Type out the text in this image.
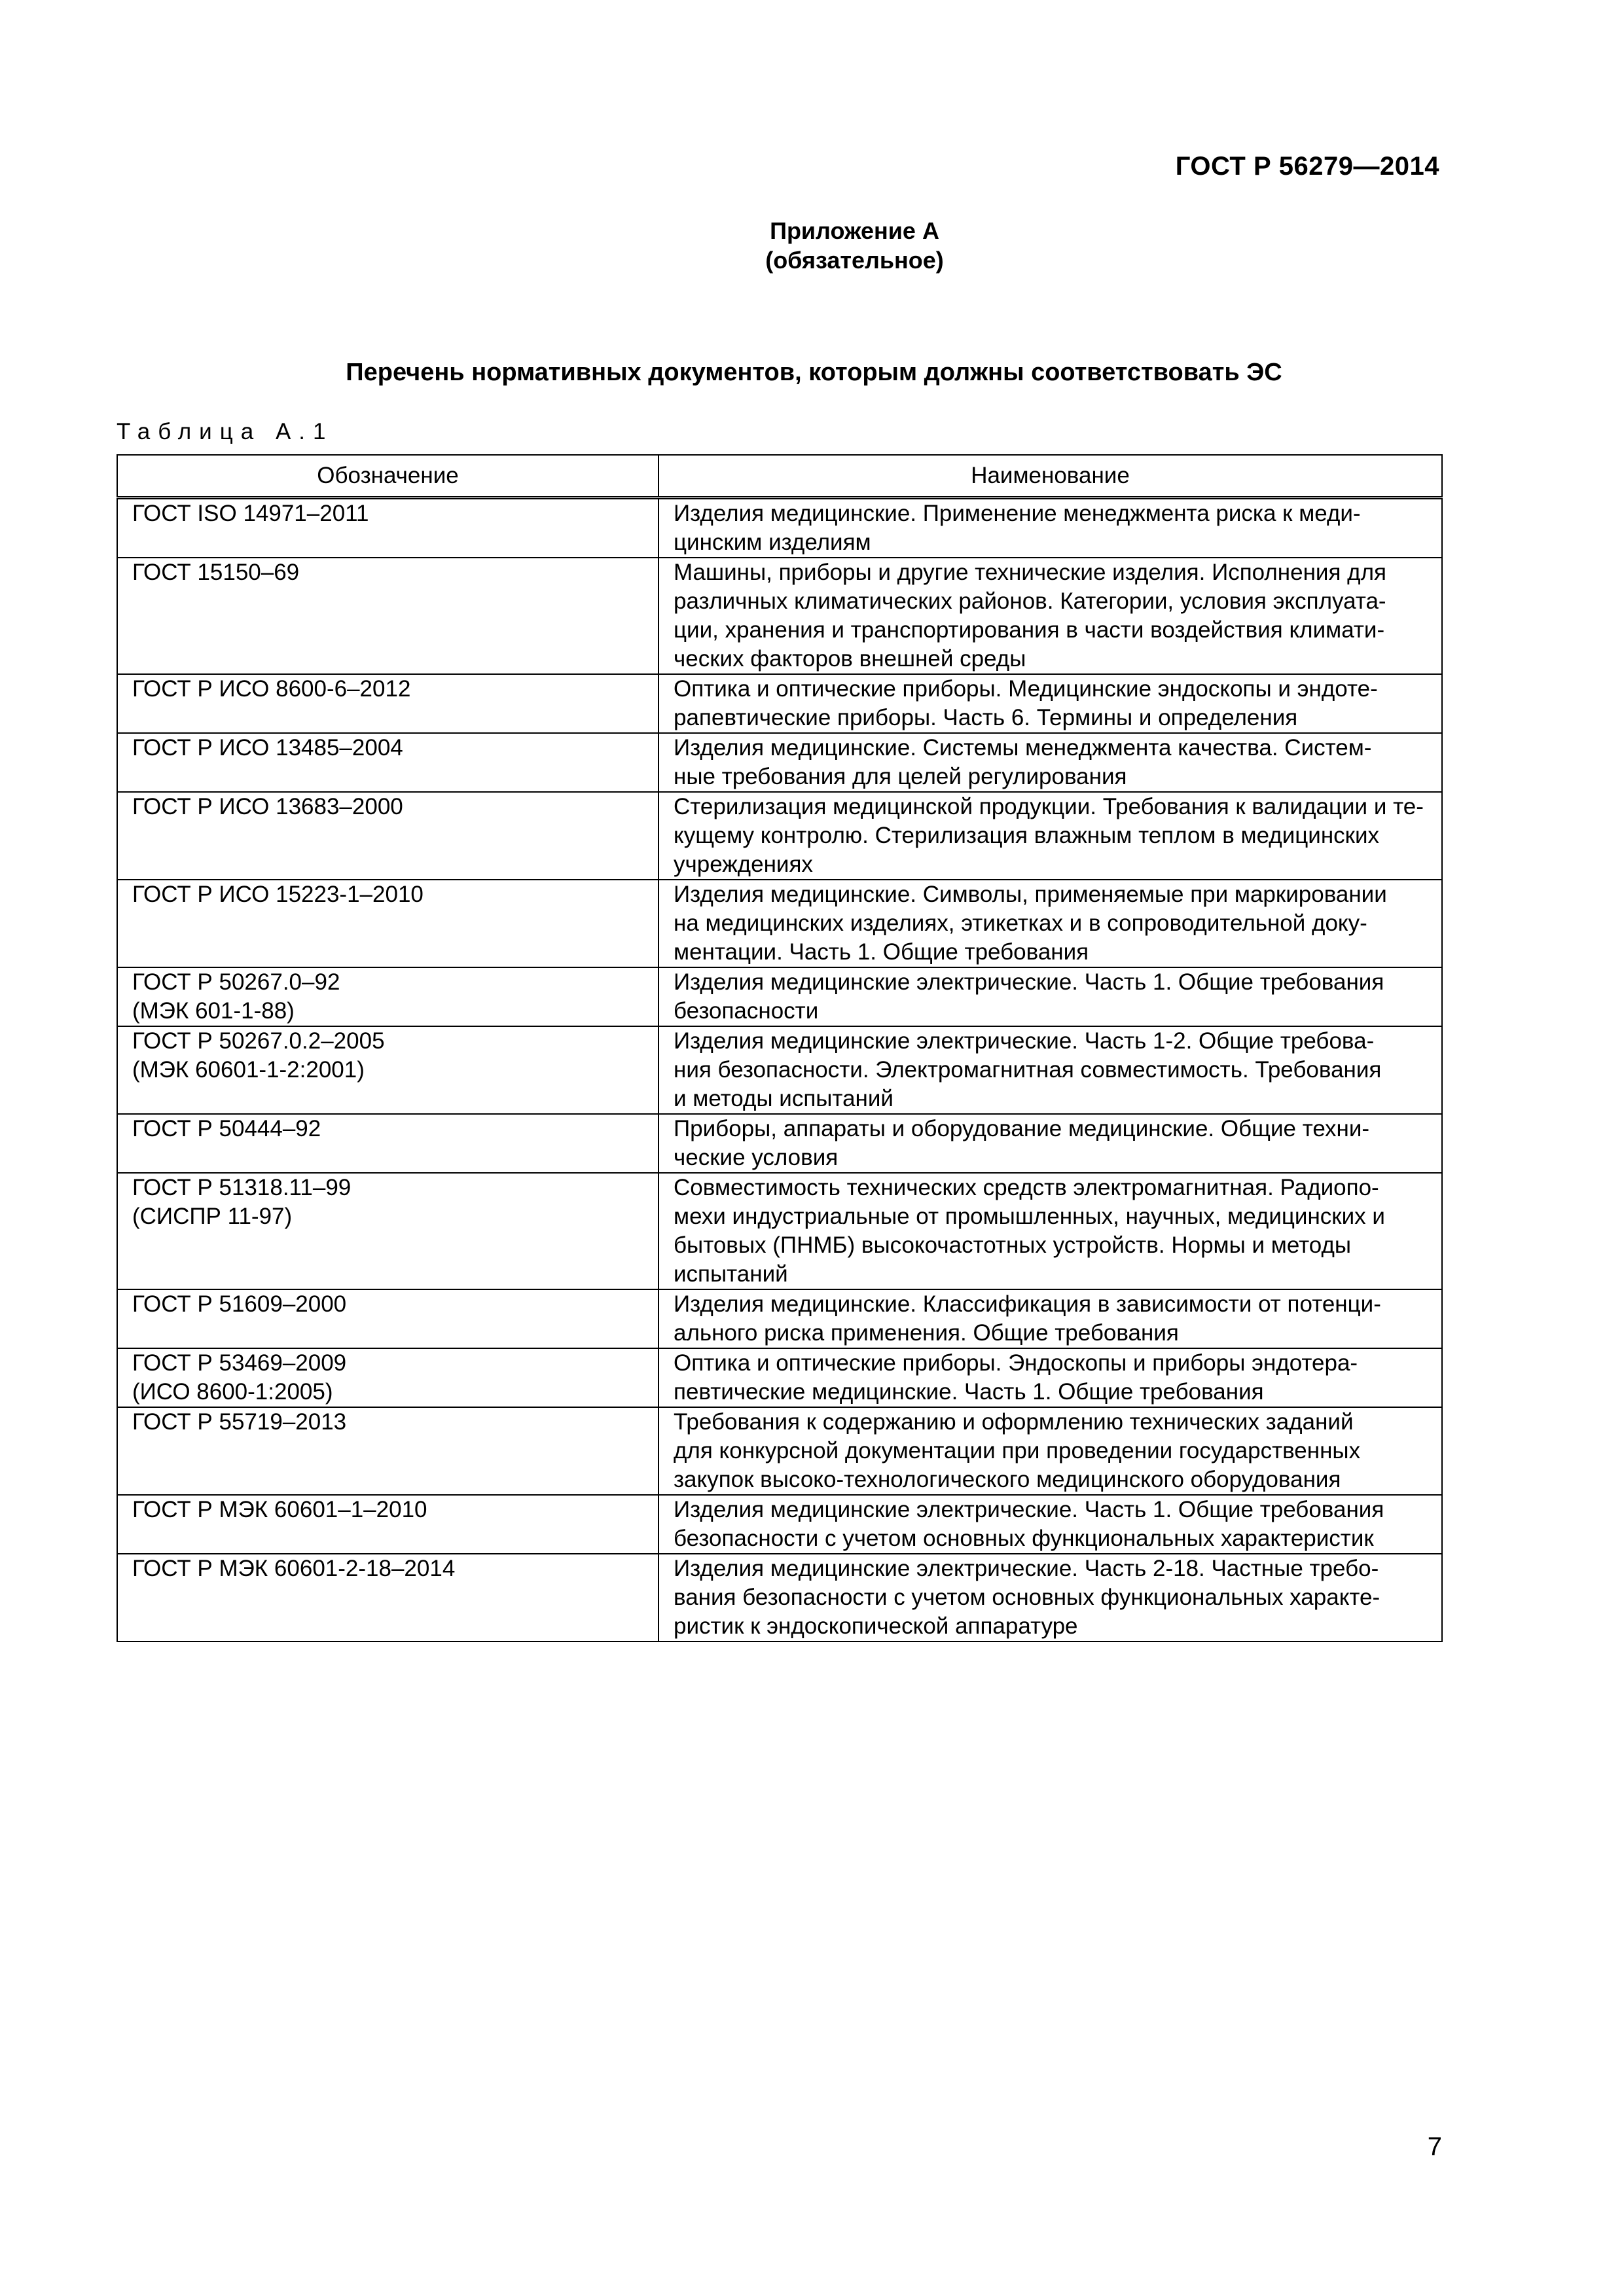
ГОСТ Р 56279—2014
Приложение А
(обязательное)
Перечень нормативных документов, которым должны соответствовать ЭС
Таблица А.1
Обозначение	Наименование
ГОСТ ISO 14971–2011	Изделия медицинские. Применение менеджмента риска к меди-
цинским изделиям
ГОСТ 15150–69	Машины, приборы и другие технические изделия. Исполнения для
различных климатических районов. Категории, условия эксплуата-
ции, хранения и транспортирования в части воздействия климати-
ческих факторов внешней среды
ГОСТ Р ИСО 8600-6–2012	Оптика и оптические приборы. Медицинские эндоскопы и эндоте-
рапевтические приборы. Часть 6. Термины и определения
ГОСТ Р ИСО 13485–2004	Изделия медицинские. Системы менеджмента качества. Систем-
ные требования для целей регулирования
ГОСТ Р ИСО 13683–2000	Стерилизация медицинской продукции. Требования к валидации и те-
кущему контролю. Стерилизация влажным теплом в медицинских
учреждениях
ГОСТ Р ИСО 15223-1–2010	Изделия медицинские. Символы, применяемые при маркировании
на медицинских изделиях, этикетках и в сопроводительной доку-
ментации. Часть 1. Общие требования
ГОСТ Р 50267.0–92
(МЭК 601-1-88)	Изделия медицинские электрические. Часть 1. Общие требования
безопасности
ГОСТ Р 50267.0.2–2005
(МЭК 60601-1-2:2001)	Изделия медицинские электрические. Часть 1-2. Общие требова-
ния безопасности. Электромагнитная совместимость. Требования
и методы испытаний
ГОСТ Р 50444–92	Приборы, аппараты и оборудование медицинские. Общие техни-
ческие условия
ГОСТ Р 51318.11–99
(СИСПР 11-97)	Совместимость технических средств электромагнитная. Радиопо-
мехи индустриальные от промышленных, научных, медицинских и
бытовых (ПНМБ) высокочастотных устройств. Нормы и методы
испытаний
ГОСТ Р 51609–2000	Изделия медицинские. Классификация в зависимости от потенци-
ального риска применения. Общие требования
ГОСТ Р 53469–2009
(ИСО 8600-1:2005)	Оптика и оптические приборы. Эндоскопы и приборы эндотера-
певтические медицинские. Часть 1. Общие требования
ГОСТ Р 55719–2013	Требования к содержанию и оформлению технических заданий
для конкурсной документации при проведении государственных
закупок высоко-технологического медицинского оборудования
ГОСТ Р МЭК 60601–1–2010	Изделия медицинские электрические. Часть 1. Общие требования
безопасности с учетом основных функциональных характеристик
ГОСТ Р МЭК 60601-2-18–2014	Изделия медицинские электрические. Часть 2-18. Частные требо-
вания безопасности с учетом основных функциональных характе-
ристик к эндоскопической аппаратуре
7
